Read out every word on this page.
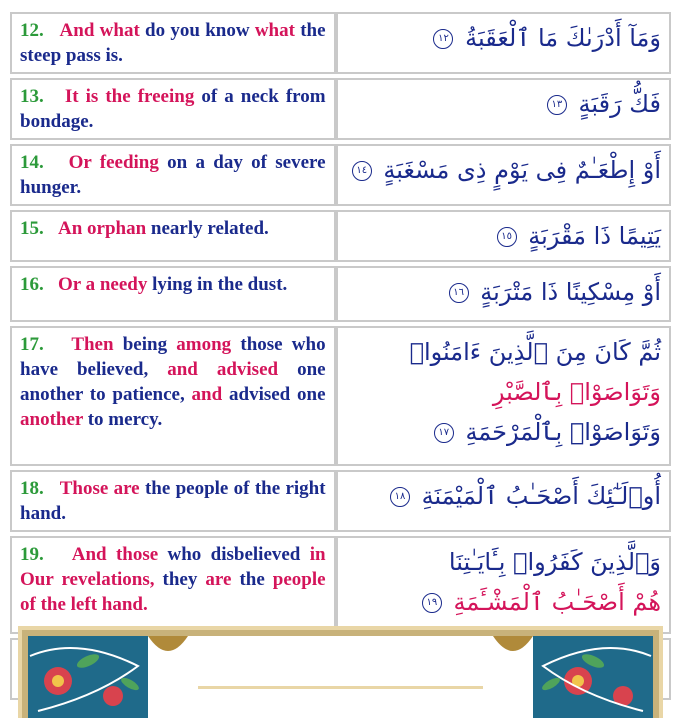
12.   And what do you know what the steep pass is.	وَمَآ أَدْرَىٰكَ مَا ٱلْعَقَبَةُ ١٢

13.   It is the freeing of a neck from bondage.	فَكُّ رَقَبَةٍ ١٣

14.   Or feeding on a day of severe hunger.	أَوْ إِطْعَـٰمٌ فِى يَوْمٍ ذِى مَسْغَبَةٍ ١٤

15.   An orphan nearly related.	يَتِيمًا ذَا مَقْرَبَةٍ ١٥

16.   Or a needy lying in the dust.	أَوْ مِسْكِينًا ذَا مَتْرَبَةٍ ١٦

17.   Then being among those who have believed, and advised one another to patience, and advised one another to mercy.	ثُمَّ كَانَ مِنَ ٱلَّذِينَ ءَامَنُوا۟
وَتَوَاصَوْا۟ بِٱلصَّبْرِ
وَتَوَاصَوْا۟ بِٱلْمَرْحَمَةِ ١٧

18.   Those are the people of the right hand.	أُو۟لَـٰٓئِكَ أَصْحَـٰبُ ٱلْمَيْمَنَةِ ١٨

19.   And those who disbelieved in Our revelations, they are the people of the left hand.	وَٱلَّذِينَ كَفَرُوا۟ بِـَٔايَـٰتِنَا
هُمْ أَصْحَـٰبُ ٱلْمَشْـَٔمَةِ ١٩
